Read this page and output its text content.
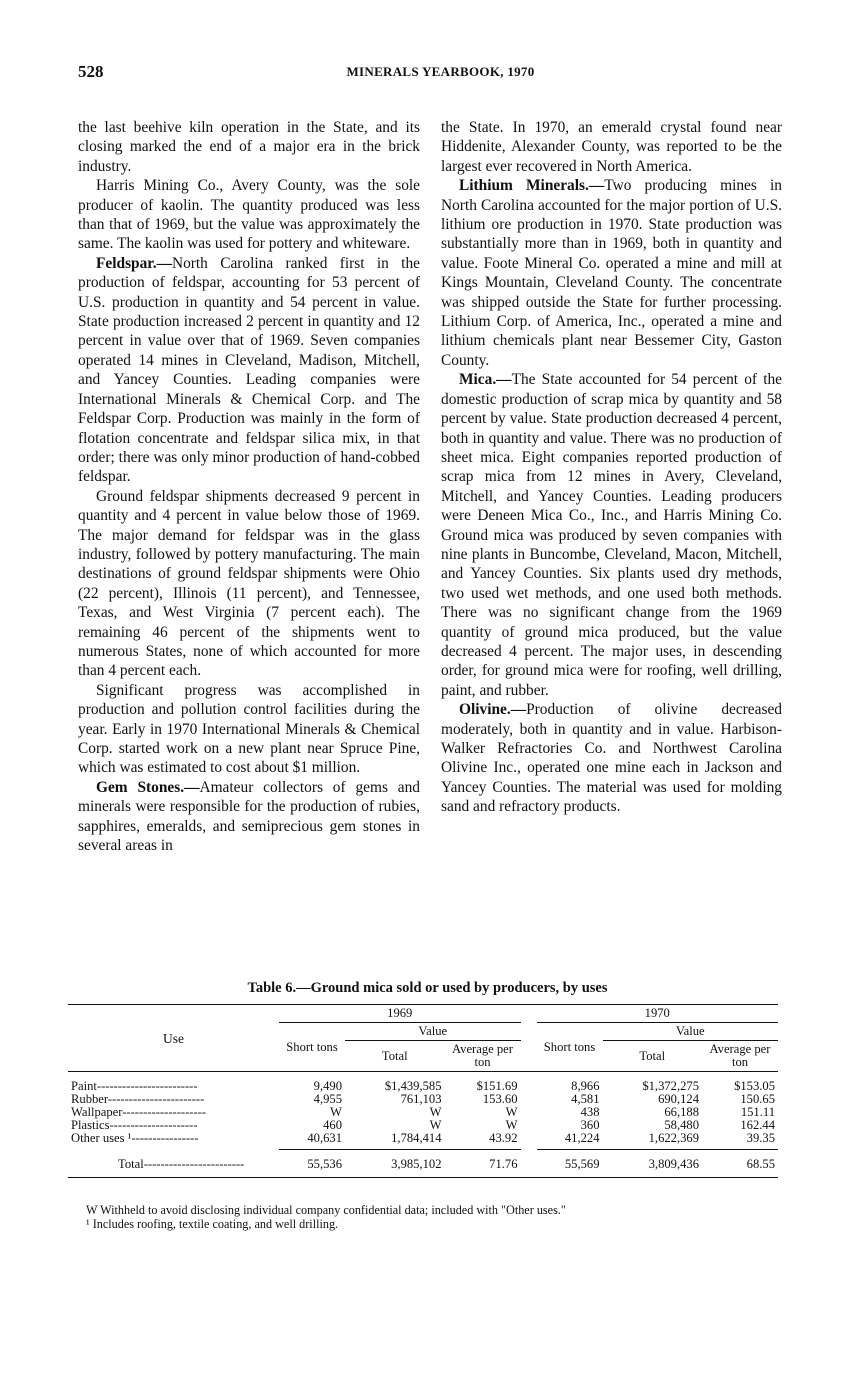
528	MINERALS YEARBOOK, 1970

the last beehive kiln operation in the State, and its closing marked the end of a major era in the brick industry.

Harris Mining Co., Avery County, was the sole producer of kaolin. The quantity produced was less than that of 1969, but the value was approximately the same. The kaolin was used for pottery and whiteware.

Feldspar.—North Carolina ranked first in the production of feldspar, accounting for 53 percent of U.S. production in quantity and 54 percent in value. State production increased 2 percent in quantity and 12 percent in value over that of 1969. Seven companies operated 14 mines in Cleveland, Madison, Mitchell, and Yancey Counties. Leading companies were International Minerals & Chemical Corp. and The Feldspar Corp. Production was mainly in the form of flotation concentrate and feldspar silica mix, in that order; there was only minor production of hand-cobbed feldspar.

Ground feldspar shipments decreased 9 percent in quantity and 4 percent in value below those of 1969. The major demand for feldspar was in the glass industry, followed by pottery manufacturing. The main destinations of ground feldspar shipments were Ohio (22 percent), Illinois (11 percent), and Tennessee, Texas, and West Virginia (7 percent each). The remaining 46 percent of the shipments went to numerous States, none of which accounted for more than 4 percent each.

Significant progress was accomplished in production and pollution control facilities during the year. Early in 1970 International Minerals & Chemical Corp. started work on a new plant near Spruce Pine, which was estimated to cost about $1 million.

Gem Stones.—Amateur collectors of gems and minerals were responsible for the production of rubies, sapphires, emeralds, and semiprecious gem stones in several areas in

the State. In 1970, an emerald crystal found near Hiddenite, Alexander County, was reported to be the largest ever recovered in North America.

Lithium Minerals.—Two producing mines in North Carolina accounted for the major portion of U.S. lithium ore production in 1970. State production was substantially more than in 1969, both in quantity and value. Foote Mineral Co. operated a mine and mill at Kings Mountain, Cleveland County. The concentrate was shipped outside the State for further processing. Lithium Corp. of America, Inc., operated a mine and lithium chemicals plant near Bessemer City, Gaston County.

Mica.—The State accounted for 54 percent of the domestic production of scrap mica by quantity and 58 percent by value. State production decreased 4 percent, both in quantity and value. There was no production of sheet mica. Eight companies reported production of scrap mica from 12 mines in Avery, Cleveland, Mitchell, and Yancey Counties. Leading producers were Deneen Mica Co., Inc., and Harris Mining Co. Ground mica was produced by seven companies with nine plants in Buncombe, Cleveland, Macon, Mitchell, and Yancey Counties. Six plants used dry methods, two used wet methods, and one used both methods. There was no significant change from the 1969 quantity of ground mica produced, but the value decreased 4 percent. The major uses, in descending order, for ground mica were for roofing, well drilling, paint, and rubber.

Olivine.—Production of olivine decreased moderately, both in quantity and in value. Harbison-Walker Refractories Co. and Northwest Carolina Olivine Inc., operated one mine each in Jackson and Yancey Counties. The material was used for molding sand and refractory products.

Table 6.—Ground mica sold or used by producers, by uses
Use	1969				1970		
	Short tons	Value			Short tons	Value	
		Total	Average per ton			Total	Average per ton
Paint------------------------	9,490	$1,439,585	$151.69		8,966	$1,372,275	$153.05
Rubber-----------------------	4,955	761,103	153.60		4,581	690,124	150.65
Wallpaper--------------------	W	W	W		438	66,188	151.11
Plastics---------------------	460	W	W		360	58,480	162.44
Other uses ¹----------------	40,631	1,784,414	43.92		41,224	1,622,369	39.35
Total------------------------	55,536	3,985,102	71.76		55,569	3,809,436	68.55
W Withheld to avoid disclosing individual company confidential data; included with "Other uses."
¹ Includes roofing, textile coating, and well drilling.
